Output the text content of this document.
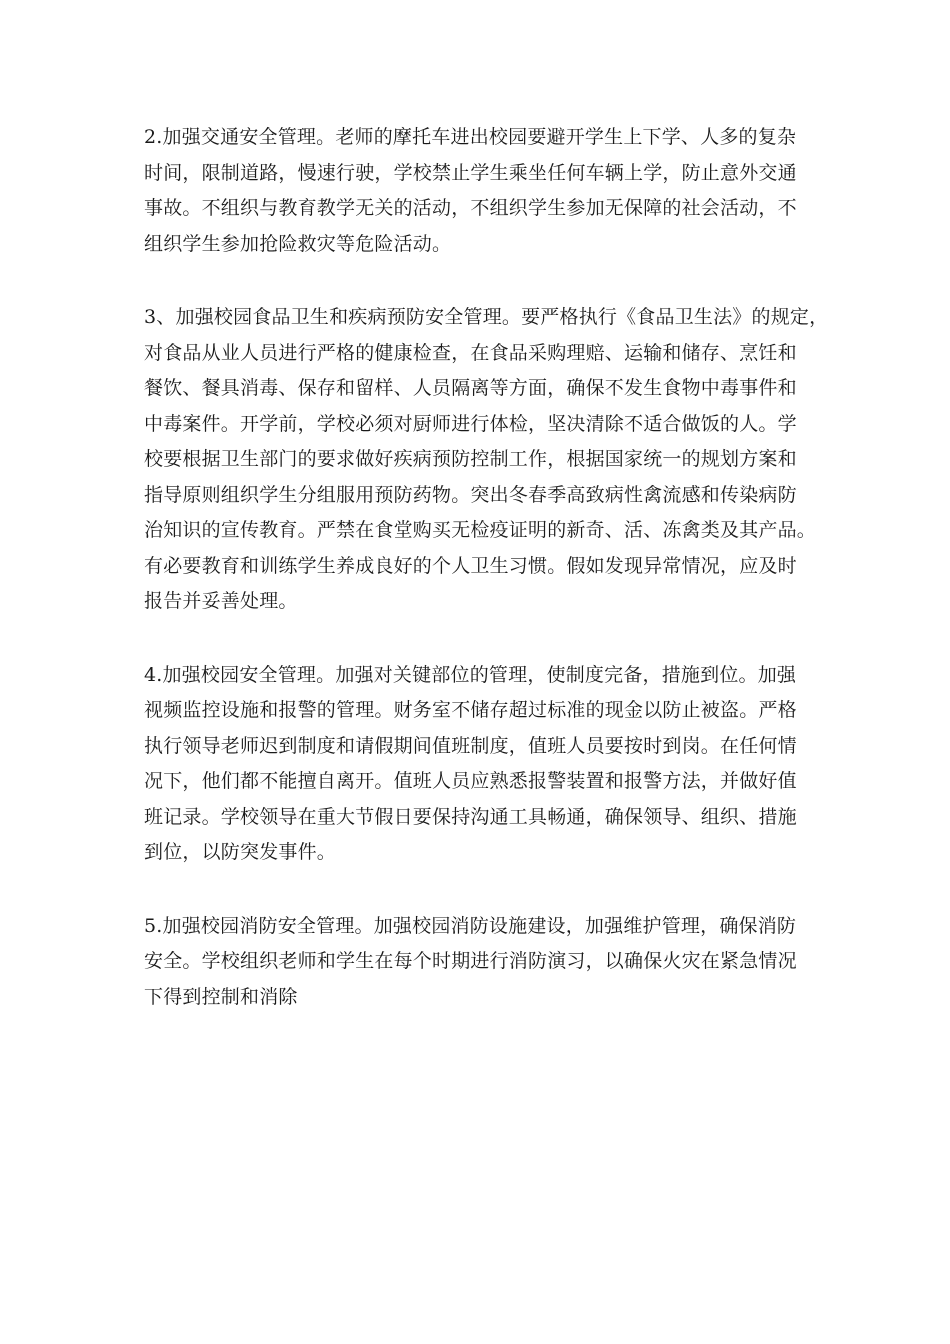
2.加强交通安全管理。老师的摩托车进出校园要避开学生上下学、人多的复杂
时间，限制道路，慢速行驶，学校禁止学生乘坐任何车辆上学，防止意外交通
事故。不组织与教育教学无关的活动，不组织学生参加无保障的社会活动，不
组织学生参加抢险救灾等危险活动。
3、加强校园食品卫生和疾病预防安全管理。要严格执行《食品卫生法》的规定，
对食品从业人员进行严格的健康检查，在食品采购理赔、运输和储存、烹饪和
餐饮、餐具消毒、保存和留样、人员隔离等方面，确保不发生食物中毒事件和
中毒案件。开学前，学校必须对厨师进行体检，坚决清除不适合做饭的人。学
校要根据卫生部门的要求做好疾病预防控制工作，根据国家统一的规划方案和
指导原则组织学生分组服用预防药物。突出冬春季高致病性禽流感和传染病防
治知识的宣传教育。严禁在食堂购买无检疫证明的新奇、活、冻禽类及其产品。
有必要教育和训练学生养成良好的个人卫生习惯。假如发现异常情况，应及时
报告并妥善处理。
4.加强校园安全管理。加强对关键部位的管理，使制度完备，措施到位。加强
视频监控设施和报警的管理。财务室不储存超过标准的现金以防止被盗。严格
执行领导老师迟到制度和请假期间值班制度，值班人员要按时到岗。在任何情
况下，他们都不能擅自离开。值班人员应熟悉报警装置和报警方法，并做好值
班记录。学校领导在重大节假日要保持沟通工具畅通，确保领导、组织、措施
到位，以防突发事件。
5.加强校园消防安全管理。加强校园消防设施建设，加强维护管理，确保消防
安全。学校组织老师和学生在每个时期进行消防演习，以确保火灾在紧急情况
下得到控制和消除
